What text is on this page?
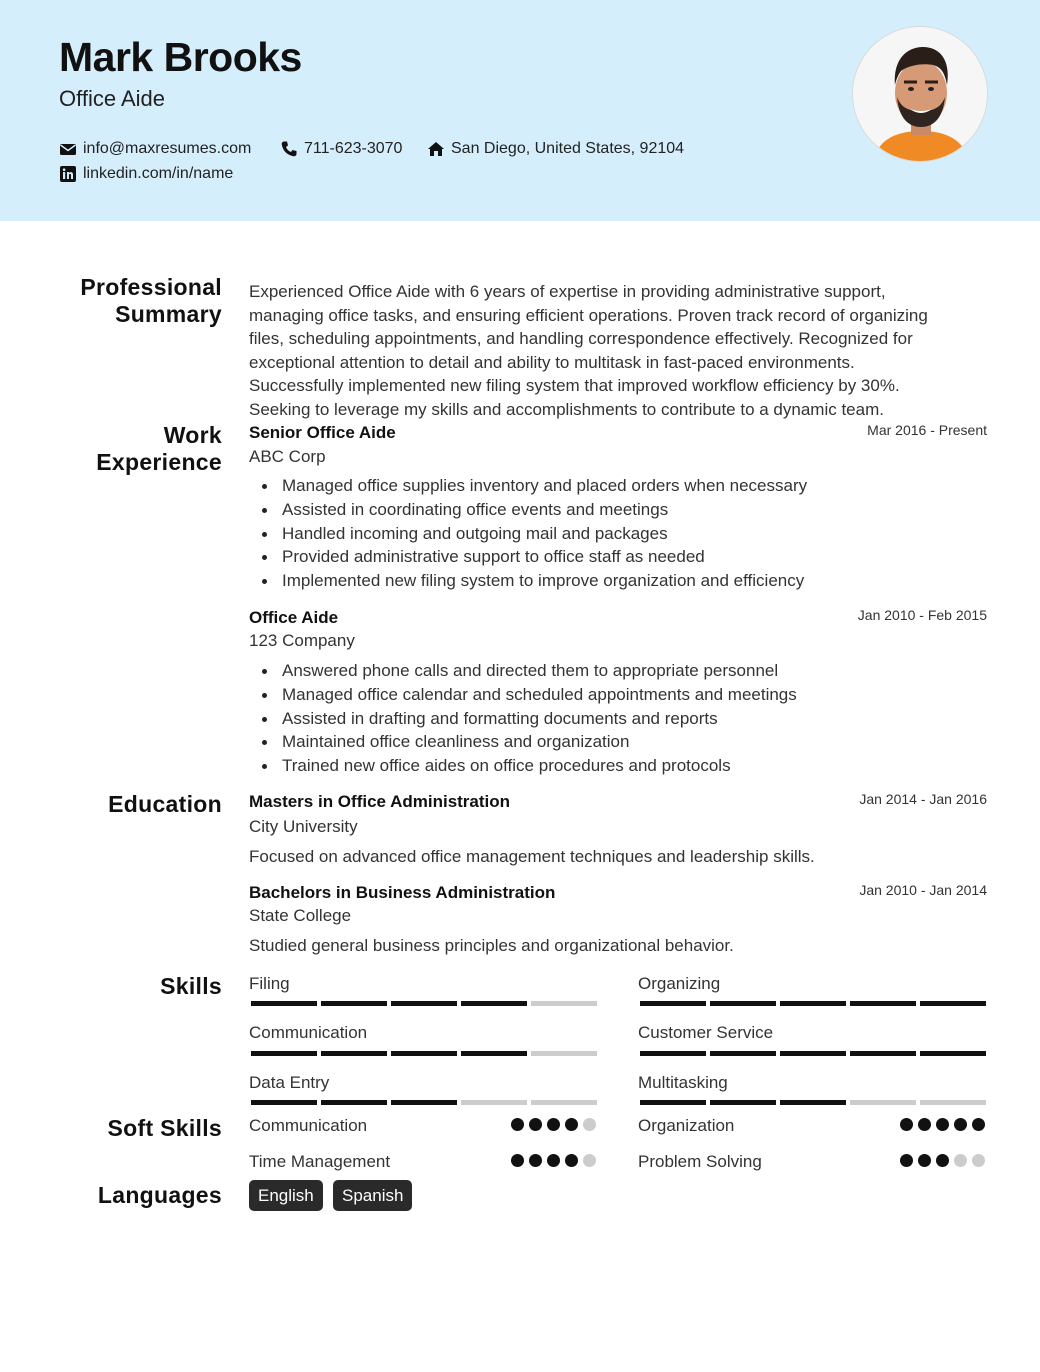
Mark Brooks
Office Aide
info@maxresumes.com	711-623-3070	San Diego, United States, 92104
linkedin.com/in/name
Professional
Summary
Experienced Office Aide with 6 years of expertise in providing administrative support,
managing office tasks, and ensuring efficient operations. Proven track record of organizing
files, scheduling appointments, and handling correspondence effectively. Recognized for
exceptional attention to detail and ability to multitask in fast-paced environments.
Successfully implemented new filing system that improved workflow efficiency by 30%.
Seeking to leverage my skills and accomplishments to contribute to a dynamic team.
Work
Experience
Senior Office Aide	Mar 2016 - Present
ABC Corp
Managed office supplies inventory and placed orders when necessary
Assisted in coordinating office events and meetings
Handled incoming and outgoing mail and packages
Provided administrative support to office staff as needed
Implemented new filing system to improve organization and efficiency
Office Aide	Jan 2010 - Feb 2015
123 Company
Answered phone calls and directed them to appropriate personnel
Managed office calendar and scheduled appointments and meetings
Assisted in drafting and formatting documents and reports
Maintained office cleanliness and organization
Trained new office aides on office procedures and protocols
Education Masters in Office Administration	Jan 2014 - Jan 2016
City University
Focused on advanced office management techniques and leadership skills.
Bachelors in Business Administration	Jan 2010 - Jan 2014
State College
Studied general business principles and organizational behavior.
Skills Filing	Organizing
Communication	Customer Service
Data Entry	Multitasking
Soft Skills Communication	Organization
Time Management	Problem Solving
Languages	English	Spanish
